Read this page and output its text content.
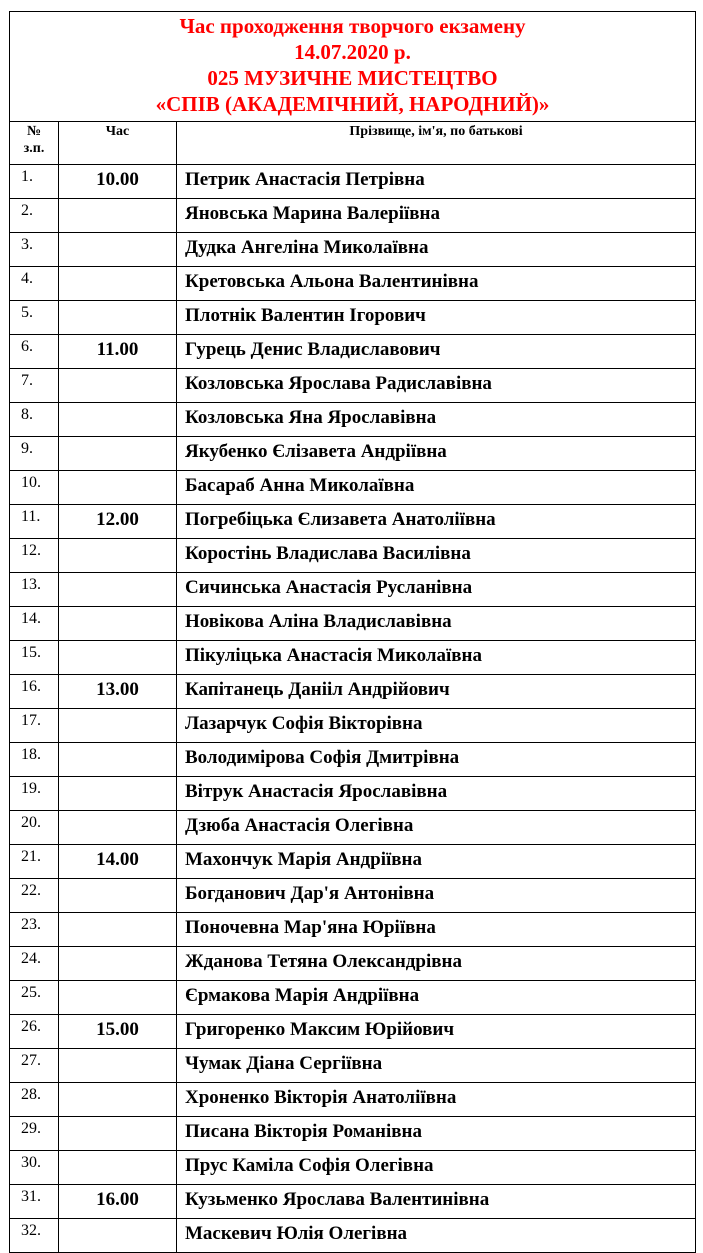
Час проходження творчого екзамену
14.07.2020 р.
025 МУЗИЧНЕ МИСТЕЦТВО
«СПІВ (АКАДЕМІЧНИЙ, НАРОДНИЙ)»		

№
з.п.	Час	Прізвище, ім'я, по батькові
1.	10.00	Петрик Анастасія Петрівна
2.		Яновська Марина Валеріївна
3.		Дудка Ангеліна Миколаївна
4.		Кретовська Альона Валентинівна
5.		Плотнік Валентин Ігорович
6.	11.00	Гурець Денис Владиславович
7.		Козловська Ярослава Радиславівна
8.		Козловська Яна Ярославівна
9.		Якубенко Єлізавета Андріївна
10.		Басараб Анна Миколаївна
11.	12.00	Погребіцька Єлизавета Анатоліївна
12.		Коростінь Владислава Василівна
13.		Сичинська Анастасія Русланівна
14.		Новікова Аліна Владиславівна
15.		Пікуліцька Анастасія Миколаївна
16.	13.00	Капітанець Данііл Андрійович
17.		Лазарчук Софія Вікторівна
18.		Володимірова Софія Дмитрівна
19.		Вітрук Анастасія Ярославівна
20.		Дзюба Анастасія Олегівна
21.	14.00	Махончук Марія Андріївна
22.		Богданович Дар'я Антонівна
23.		Поночевна Мар'яна Юріївна
24.		Жданова Тетяна Олександрівна
25.		Єрмакова Марія Андріївна
26.	15.00	Григоренко Максим Юрійович
27.		Чумак Діана Сергіївна
28.		Хроненко Вікторія Анатоліївна
29.		Писана Вікторія Романівна
30.		Прус Каміла Софія Олегівна
31.	16.00	Кузьменко Ярослава Валентинівна
32.		Маскевич Юлія Олегівна
